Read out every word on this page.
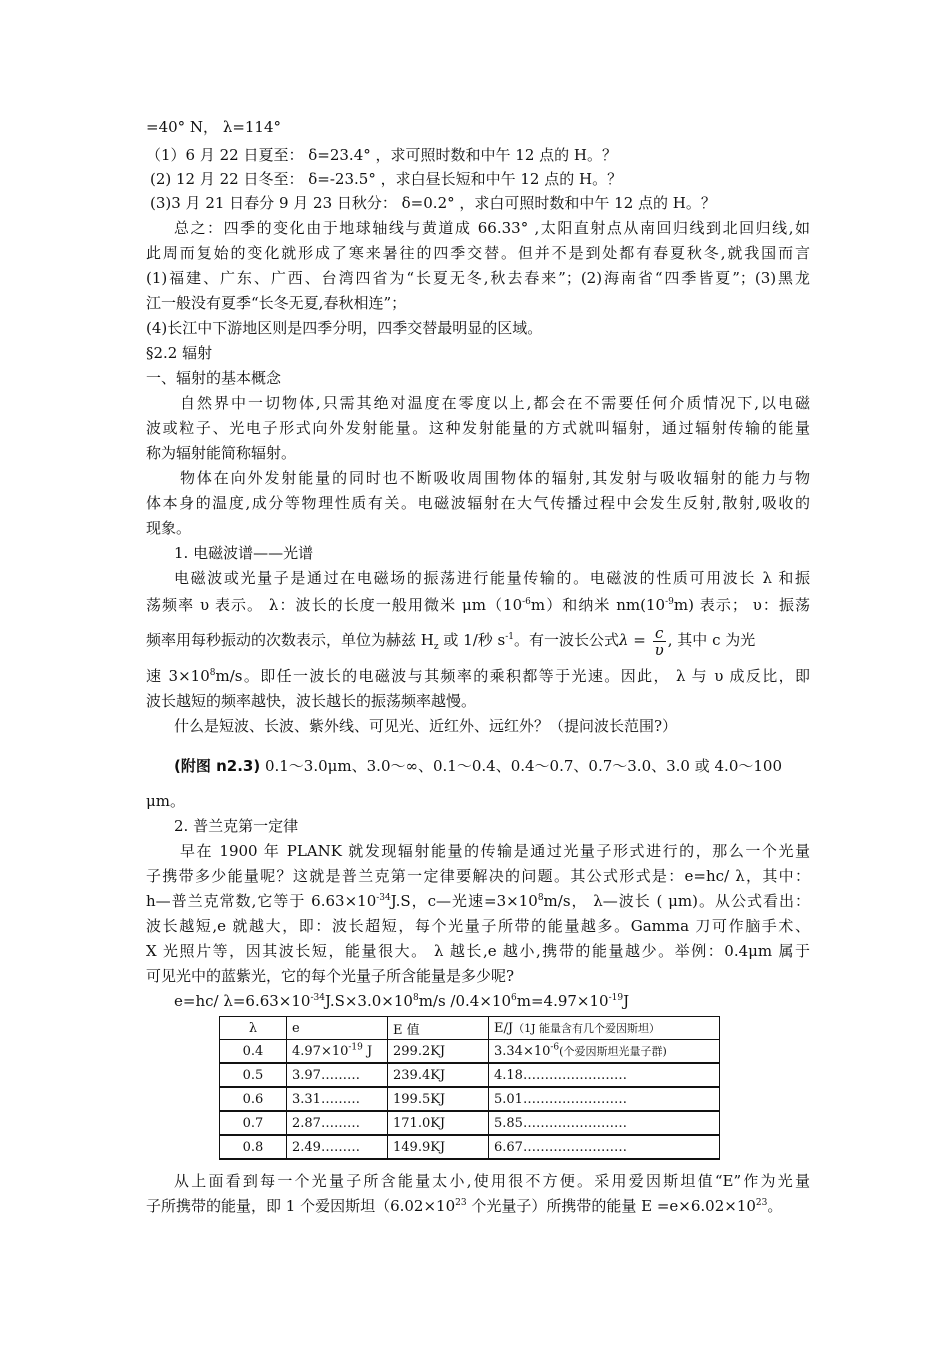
=40° N， λ=114°
（1）6 月 22 日夏至： δ=23.4° ，求可照时数和中午 12 点的 H。？
(2) 12 月 22 日冬至： δ=-23.5° ，求白昼长短和中午 12 点的 H。？
(3)3 月 21 日春分 9 月 23 日秋分： δ=0.2° ，求白可照时数和中午 12 点的 H。？
总之：四季的变化由于地球轴线与黄道成 66.33° ,太阳直射点从南回归线到北回归线,如
此周而复始的变化就形成了寒来暑往的四季交替。但并不是到处都有春夏秋冬,就我国而言
(1)福建、广东、广西、台湾四省为“长夏无冬,秋去春来”；(2)海南省“四季皆夏”；(3)黑龙
江一般没有夏季“长冬无夏,春秋相连”；
(4)长江中下游地区则是四季分明，四季交替最明显的区域。
§2.2 辐射
一、辐射的基本概念
自然界中一切物体,只需其绝对温度在零度以上,都会在不需要任何介质情况下,以电磁
波或粒子、光电子形式向外发射能量。这种发射能量的方式就叫辐射，通过辐射传输的能量
称为辐射能简称辐射。
物体在向外发射能量的同时也不断吸收周围物体的辐射,其发射与吸收辐射的能力与物
体本身的温度,成分等物理性质有关。电磁波辐射在大气传播过程中会发生反射,散射,吸收的
现象。
1. 电磁波谱——光谱
电磁波或光量子是通过在电磁场的振荡进行能量传输的。电磁波的性质可用波长 λ 和振
荡频率 υ 表示。 λ：波长的长度一般用微米 $\mu m(10^{-6}m)$和纳米 $nm(10^{-9}m)$ 表示； υ：振荡
频率用每秒振动的次数表示，单位为赫兹 $H_z$ 或 1/秒 $s^{-1}$。有一波长公式$\lambda = \frac{c}{\upsilon}$ , 其中 c 为光
速 $3\times 10^8m/s$。即任一波长的电磁波与其频率的乘积都等于光速。因此， λ 与 υ 成反比，即
波长越短的频率越快，波长越长的振荡频率越慢。
什么是短波、长波、紫外线、可见光、近红外、远红外？（提问波长范围?）
(附图 n2.3) 0.1～3.0μm、3.0～∞、0.1～0.4、0.4～0.7、0.7～3.0、3.0 或 4.0～100
μm。
2. 普兰克第一定律
早在 1900 年 PLANK 就发现辐射能量的传输是通过光量子形式进行的，那么一个光量
子携带多少能量呢？这就是普兰克第一定律要解决的问题。其公式形式是：e=hc/ λ，其中：
h—普兰克常数,它等于 $6.63\times 10^{-34}J.S$，c—光速$=3\times 10^8m/s$， λ—波长 ( μm)。从公式看出：
波长越短,e 就越大，即：波长超短，每个光量子所带的能量越多。Gamma 刀可作脑手术、
X 光照片等，因其波长短，能量很大。 λ 越长,e 越小,携带的能量越少。举例：0.4μm 属于
可见光中的蓝紫光，它的每个光量子所含能量是多少呢?
e=hc/ $\lambda=6.63\times 10^{-34}J.S\times 3.0\times 10^8m/s$ $/0.4\times 10^6m=4.97\times 10^{-19}J$
λ	e	E 值	E/J（1J 能量含有几个爱因斯坦）
0.4	$4.97\times 10^{-19}$ J	299.2KJ	$3.34\times 10^{-6}$(个爱因斯坦光量子群)
0.5	3.97………	239.4KJ	4.18……………………
0.6	3.31………	199.5KJ	5.01……………………
0.7	2.87………	171.0KJ	5.85……………………
0.8	2.49………	149.9KJ	6.67……………………
从上面看到每一个光量子所含能量太小,使用很不方便。采用爱因斯坦值“E”作为光量
子所携带的能量，即 1 个爱因斯坦（$6.02\times 10^{23}$ 个光量子）所携带的能量 $E =e\times 6.02\times 10^{23}$。
